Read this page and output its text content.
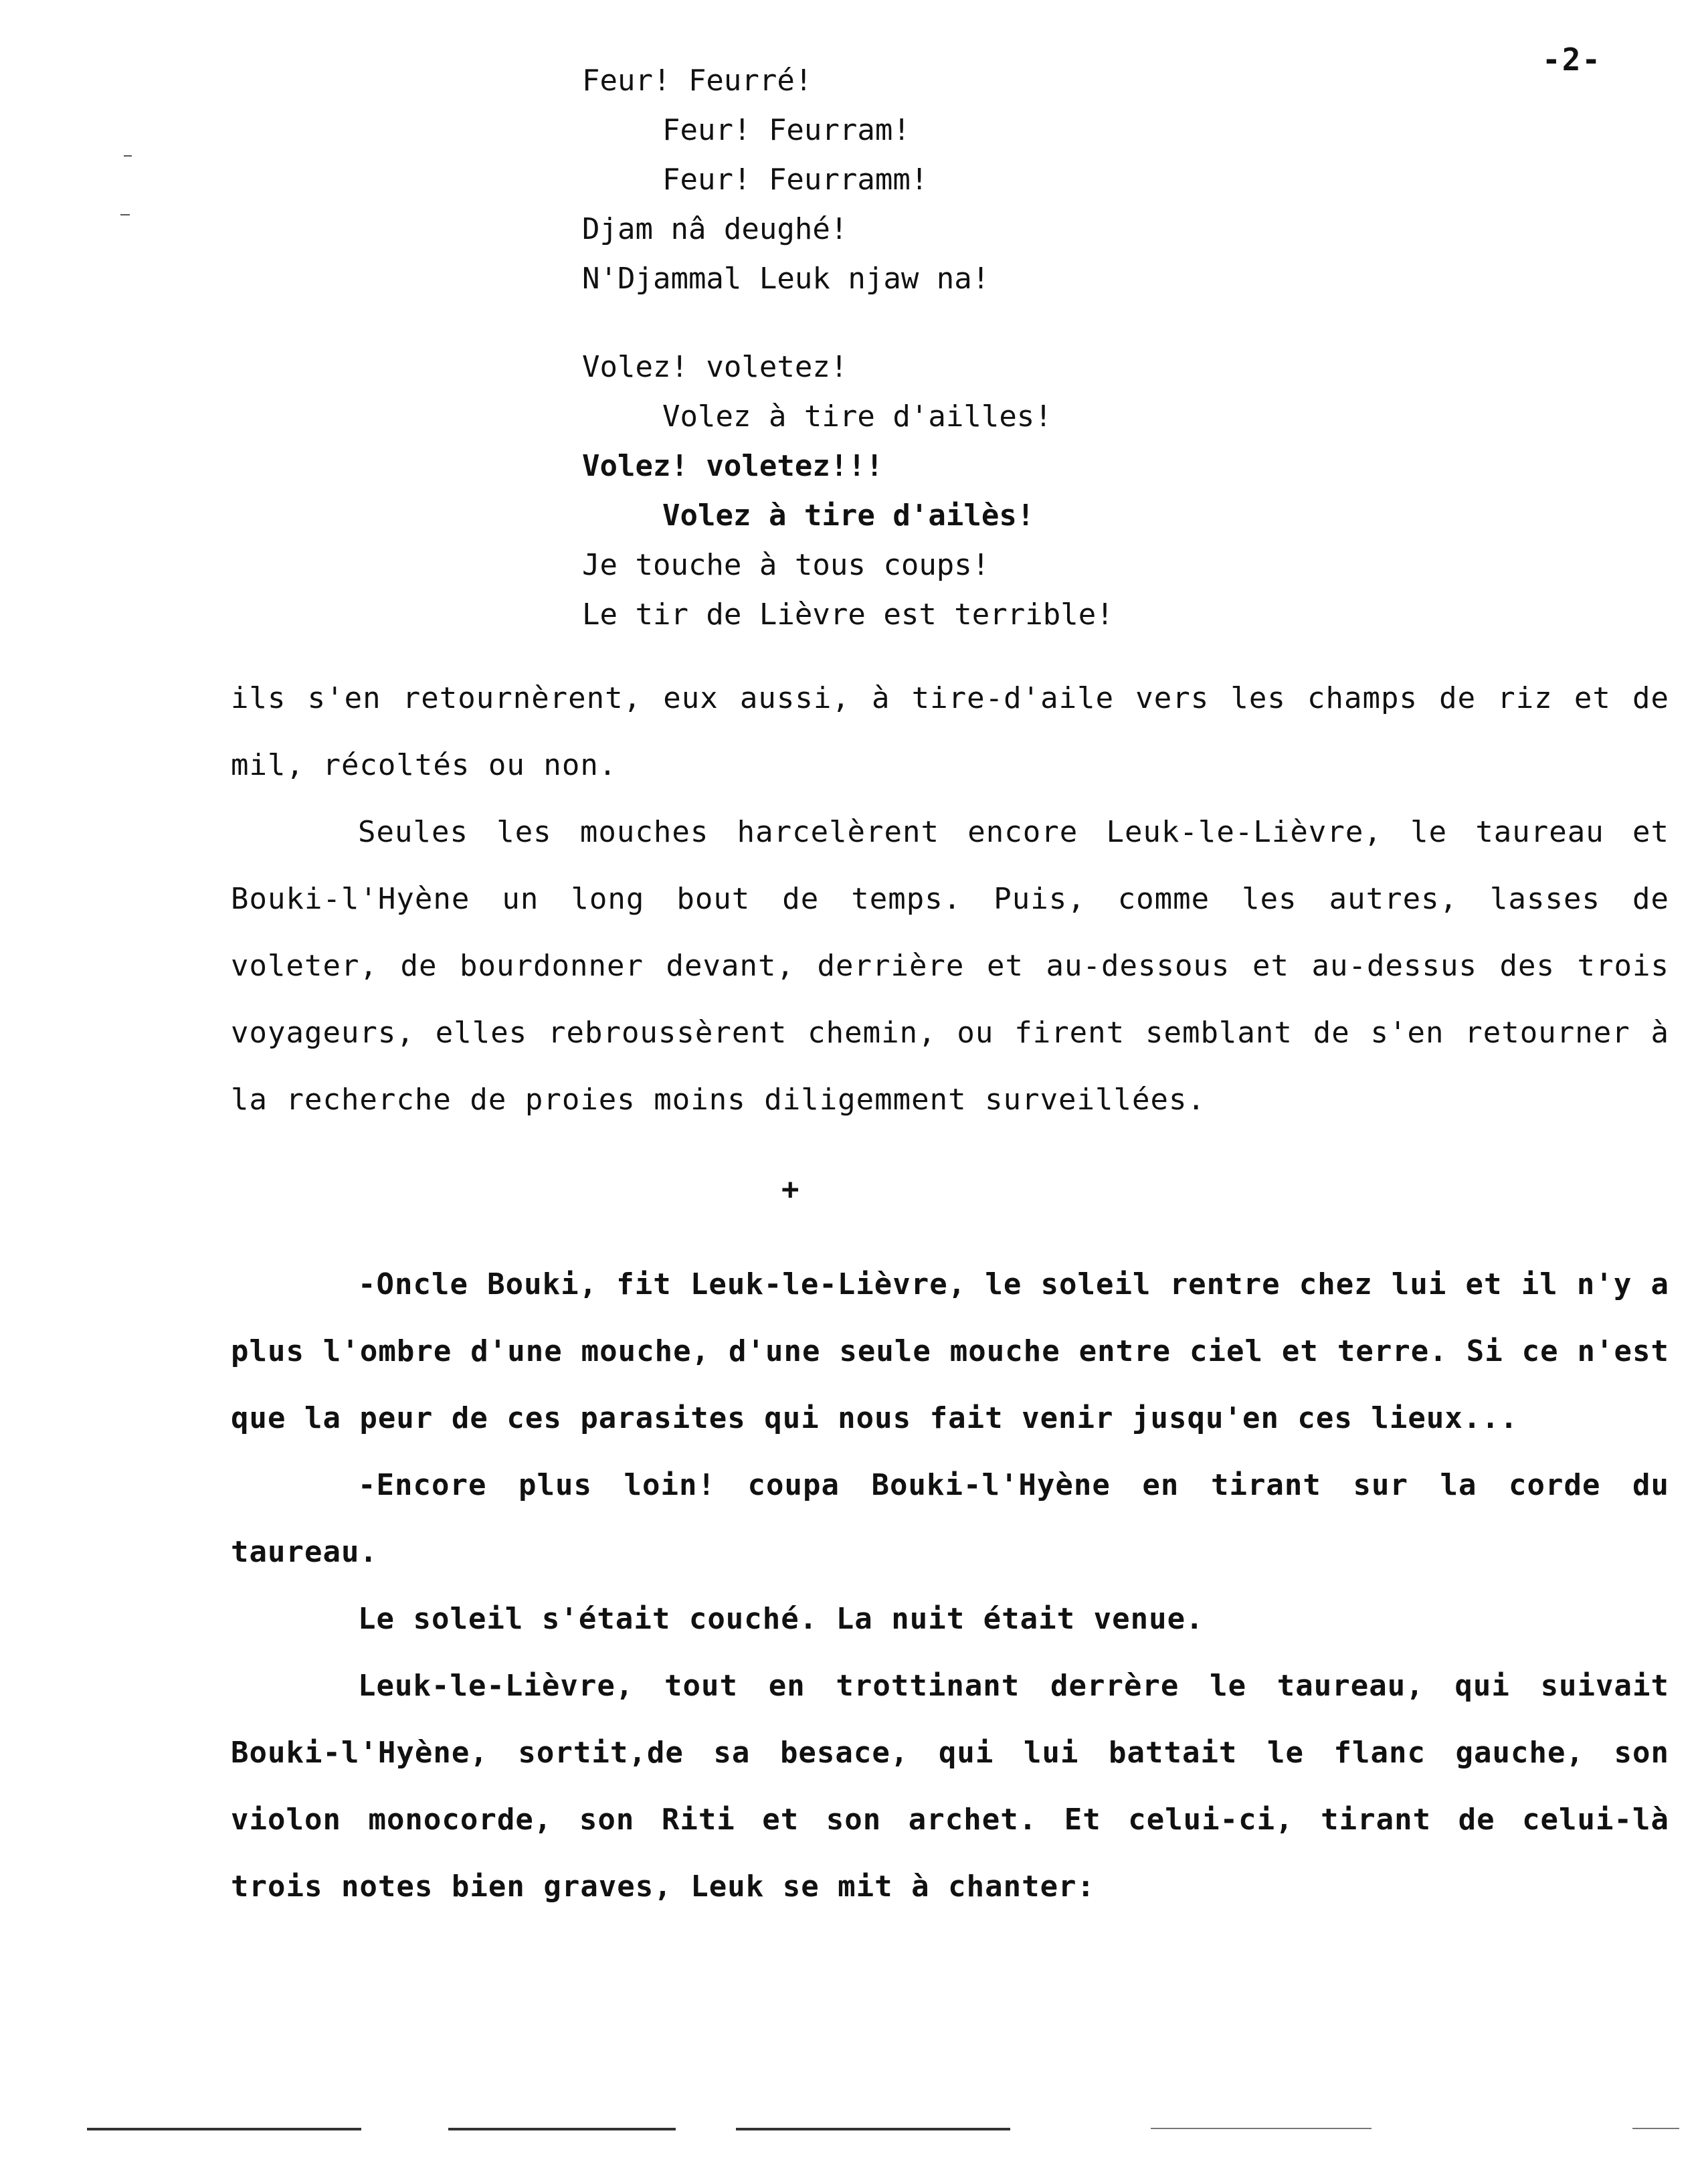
-2-
Feur! Feurré!
Feur! Feurram!
Feur! Feurramm!
Djam nâ deughé!
N'Djammal Leuk njaw na!
Volez! voletez!
Volez à tire d'ailles!
Volez! voletez!!!
Volez à tire d'ailès!
Je touche à tous coups!
Le tir de Lièvre est terrible!

ils s'en retournèrent, eux aussi, à tire-d'aile vers les champs de riz et de mil, récoltés ou non.

Seules les mouches harcelèrent encore Leuk-le-Lièvre, le taureau et Bouki-l'Hyène un long bout de temps. Puis, comme les autres, lasses de voleter, de bourdonner devant, derrière et au-dessous et au-dessus des trois voyageurs, elles rebroussèrent chemin, ou firent semblant de s'en retourner à la recherche de proies moins diligemment surveillées.

+

-Oncle Bouki, fit Leuk-le-Lièvre, le soleil rentre chez lui et il n'y a plus l'ombre d'une mouche, d'une seule mouche entre ciel et terre. Si ce n'est que la peur de ces parasites qui nous fait venir jusqu'en ces lieux...

-Encore plus loin! coupa Bouki-l'Hyène en tirant sur la corde du taureau.

Le soleil s'était couché. La nuit était venue.

Leuk-le-Lièvre, tout en trottinant derrère le taureau, qui suivait Bouki-l'Hyène, sortit,de sa besace, qui lui battait le flanc gauche, son violon monocorde, son Riti et son archet. Et celui-ci, tirant de celui-là trois notes bien graves, Leuk se mit à chanter:
